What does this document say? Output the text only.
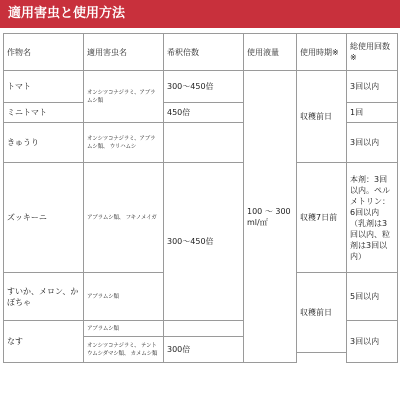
適用害虫と使用方法
作物名	適用害虫名	希釈倍数	使用液量	使用時期※	総使用回数※
トマト	オンシツコナジラミ、アブラムシ類	300～450倍	100 ～ 300 ml/㎡	収穫前日	3回以内
ミニトマト		450倍			1回
きゅうり	オンシツコナジラミ、アブラムシ類、 ウリハムシ				3回以内
ズッキーニ	アブラムシ類、 フキノメイガ	300～450倍		収穫7日前	本剤：3回以内。ペルメトリン：6回以内（乳剤は3回以内、粒剤は3回以内）
すいか、メロン、かぼちゃ	アブラムシ類			収穫前日	5回以内
なす	アブラムシ類				3回以内
	オンシツコナジラミ、 テントウムシダマシ類、 カメムシ類	300倍			
